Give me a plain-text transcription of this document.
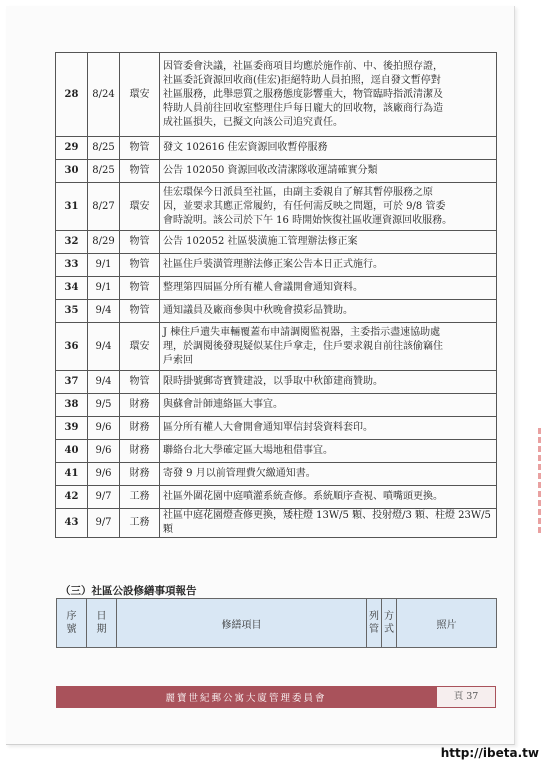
28	8/24	環安	因管委會決議，社區委商項目均應於施作前、中、後拍照存證，
社區委託資源回收商(佳宏)拒絕特助人員拍照，逕自發文暫停對
社區服務，此舉惡質之服務態度影響重大，物管臨時指派清潔及
特助人員前往回收室整理住戶每日龐大的回收物，該廠商行為造
成社區損失，已擬文向該公司追究責任。

29	8/25	物管	發文 102616 佳宏資源回收暫停服務

30	8/25	物管	公告 102050 資源回收改清潔隊收運請確實分類

31	8/27	環安	佳宏環保今日派員至社區，由副主委親自了解其暫停服務之原
因，並要求其應正常履約，有任何需反映之問題，可於 9/8 管委
會時說明。該公司於下午 16 時開始恢復社區收運資源回收服務。

32	8/29	物管	公告 102052 社區裝潢施工管理辦法修正案

33	9/1	物管	社區住戶裝潢管理辦法修正案公告本日正式施行。

34	9/1	物管	整理第四屆區分所有權人會議開會通知資料。

35	9/4	物管	通知議員及廠商參與中秋晚會摸彩品贊助。

36	9/4	環安	J 棟住戶遺失車輛覆蓋布申請調閱監視器，主委指示盡速協助處
理，於調閱後發現疑似某住戶拿走，住戶要求親自前往該偷竊住
戶索回

37	9/4	物管	限時掛號郵寄寶贊建設，以爭取中秋節建商贊助。

38	9/5	財務	與蘇會計師連絡區大事宜。

39	9/6	財務	區分所有權人大會開會通知單信封袋資料套印。

40	9/6	財務	聯絡台北大學確定區大場地租借事宜。

41	9/6	財務	寄發 9 月以前管理費欠繳通知書。

42	9/7	工務	社區外圍花園中庭噴灌系統查修。系統順序查視、噴嘴頭更換。

43	9/7	工務	社區中庭花園燈查修更換，矮柱燈 13W/5 顆、投射燈/3 顆、柱燈 23W/5 顆
（三）社區公設修繕事項報告
序號	日期	修繕項目	列管	方式	照片
麗寶世紀郵公寓大廈管理委員會	頁 37
http://ibeta.tw
